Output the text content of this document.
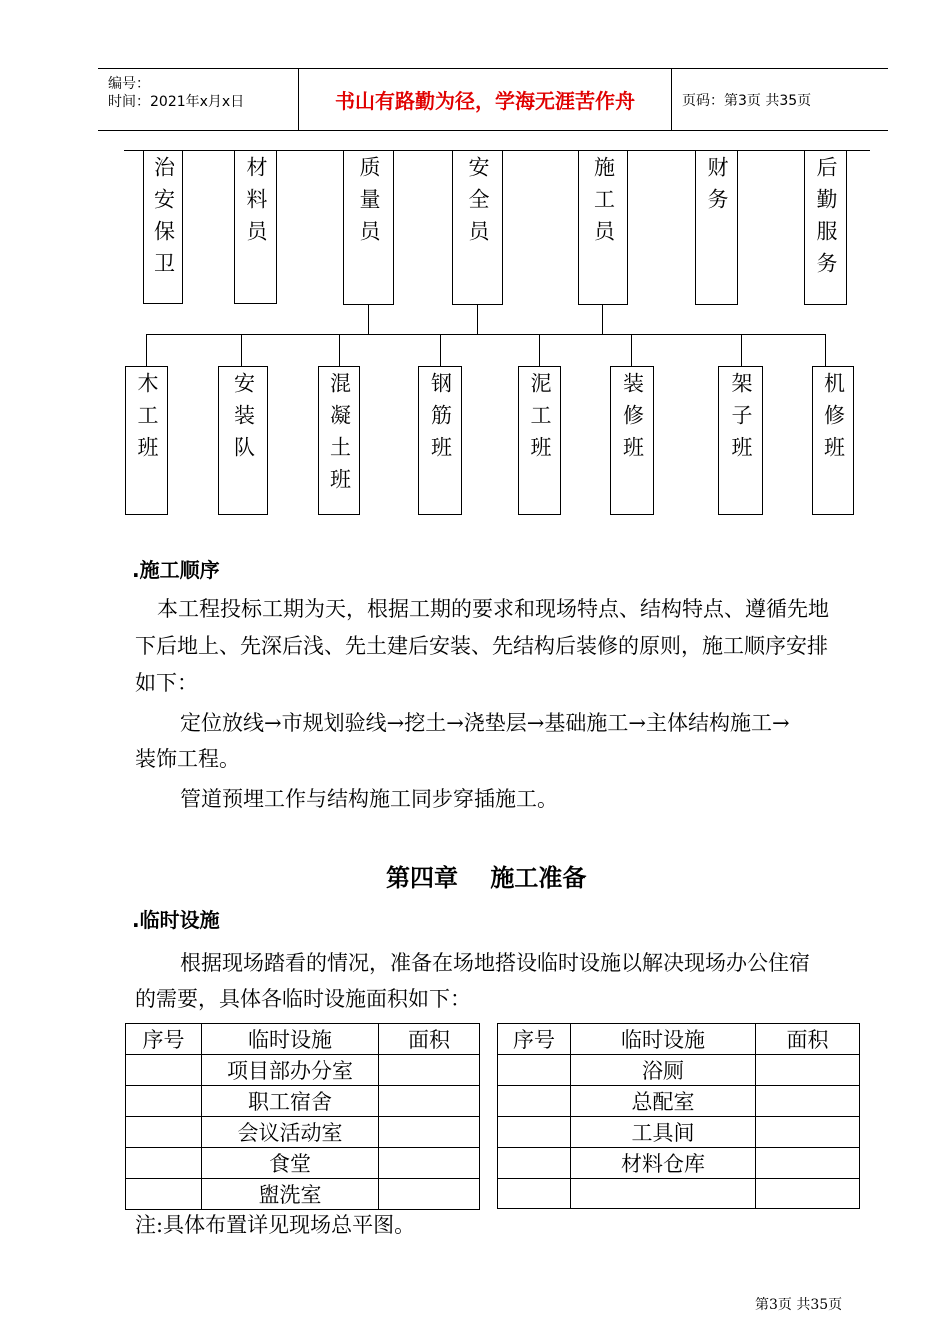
编号：
时间：2021年x月x日	书山有路勤为径，学海无涯苦作舟	页码：第3页 共35页
治安保卫	材料员	质量员	安全员	施工员	财务	后勤服务
木工班	安装队	混凝土班	钢筋班	泥工班	装修班	架子班	机修班
.施工顺序
本工程投标工期为天，根据工期的要求和现场特点、结构特点、遵循先地
下后地上、先深后浅、先土建后安装、先结构后装修的原则，施工顺序安排
如下：
定位放线→市规划验线→挖土→浇垫层→基础施工→主体结构施工→
装饰工程。
管道预埋工作与结构施工同步穿插施工。
第四章　 施工准备
.临时设施
根据现场踏看的情况，准备在场地搭设临时设施以解决现场办公住宿
的需要，具体各临时设施面积如下：
序号	临时设施	面积
	项目部办分室	
	职工宿舍	
	会议活动室	
	食堂	
	盥洗室	
序号	临时设施	面积
	浴厕	
	总配室	
	工具间	
	材料仓库	

注:具体布置详见现场总平图。
第3页 共35页
